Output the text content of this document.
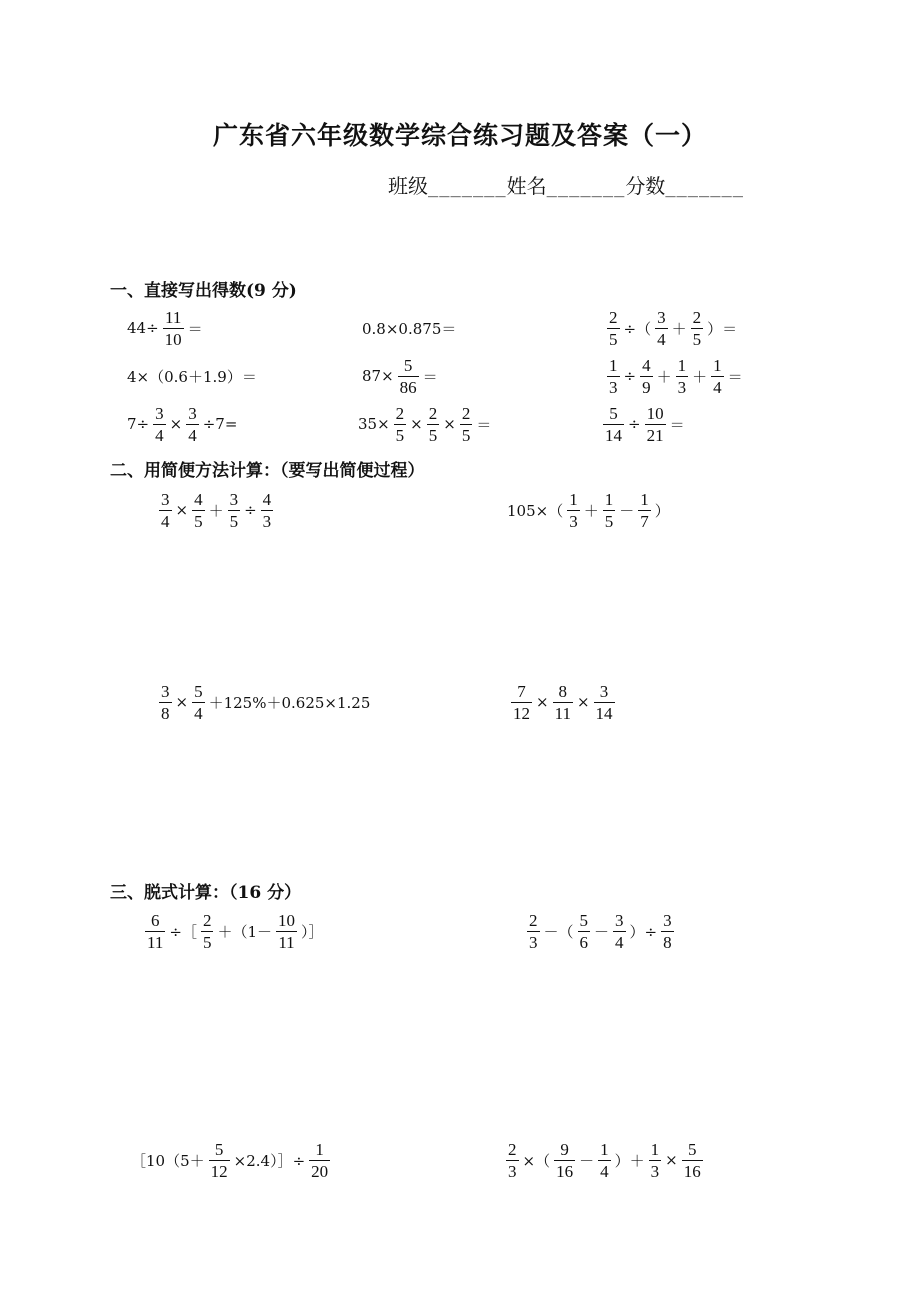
广东省六年级数学综合练习题及答案（一）
班级_______姓名_______分数_______
一、直接写出得数(9 分)
$44\div \frac{11}{10}$ ＝	0.8×0.875＝	$\frac{2}{5}$ ÷（ $\frac{3}{4} + \frac{2}{5}$ ）＝
4×（0.6＋1.9）＝	$87\times \frac{5}{86}$ ＝	$\frac{1}{3} \div \frac{4}{9} + \frac{1}{3} + \frac{1}{4}$ ＝
$7\div \frac{3}{4} \times \frac{3}{4} \div 7=$	$35\times \frac{2}{5} \times \frac{2}{5} \times \frac{2}{5}$ ＝	$\frac{5}{14} \div \frac{10}{21}$ ＝
二、用简便方法计算：（要写出简便过程）
$\frac{3}{4} \times \frac{4}{5} + \frac{3}{5} \div \frac{4}{3}$	$105\times( \frac{1}{3} + \frac{1}{5} - \frac{1}{7}$ ）
$\frac{3}{8} \times \frac{5}{4} +125\%+0.625\times 1.25$	$\frac{7}{12} \times \frac{8}{11} \times \frac{3}{14}$
三、脱式计算：（16 分）
$\frac{6}{11}$ ÷［ $\frac{2}{5} +(1- \frac{10}{11}$ ）］	$\frac{2}{3}$ －（ $\frac{5}{6} - \frac{3}{4}$ ）÷ $\frac{3}{8}$
［10（5＋ $\frac{5}{12}$ ×2.4）］÷ $\frac{1}{20}$	$\frac{2}{3}$ ×（ $\frac{9}{16} - \frac{1}{4}$ ）＋ $\frac{1}{3} \times \frac{5}{16}$
